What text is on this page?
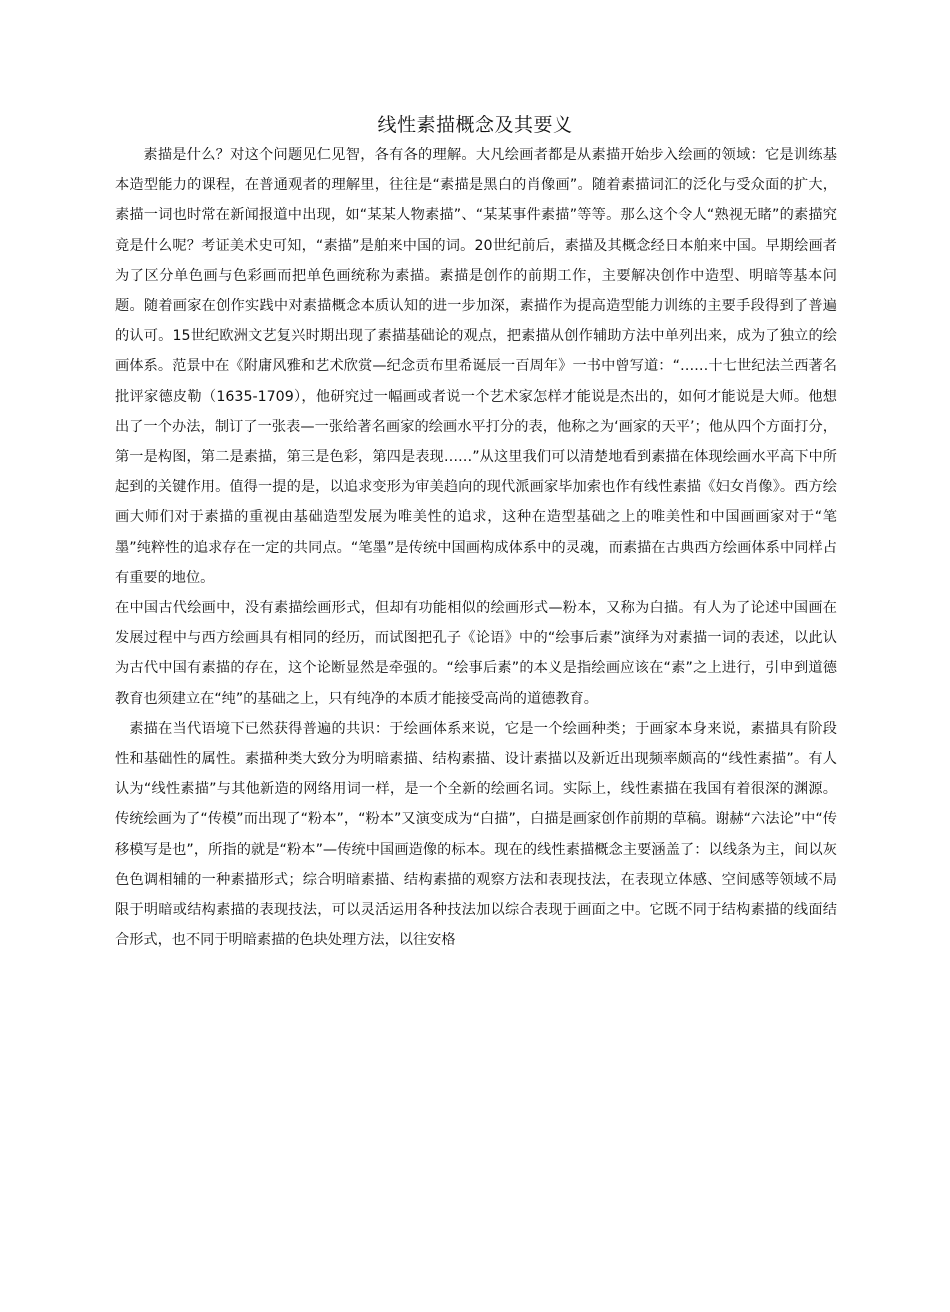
线性素描概念及其要义

素描是什么？对这个问题见仁见智，各有各的理解。大凡绘画者都是从素描开始步入绘画的领域：它是训练基本造型能力的课程，在普通观者的理解里，往往是“素描是黑白的肖像画”。随着素描词汇的泛化与受众面的扩大，素描一词也时常在新闻报道中出现，如“某某人物素描”、“某某事件素描”等等。那么这个令人“熟视无睹”的素描究竟是什么呢？考证美术史可知，“素描”是舶来中国的词。20世纪前后，素描及其概念经日本舶来中国。早期绘画者为了区分单色画与色彩画而把单色画统称为素描。素描是创作的前期工作，主要解决创作中造型、明暗等基本问题。随着画家在创作实践中对素描概念本质认知的进一步加深，素描作为提高造型能力训练的主要手段得到了普遍的认可。15世纪欧洲文艺复兴时期出现了素描基础论的观点，把素描从创作辅助方法中单列出来，成为了独立的绘画体系。范景中在《附庸风雅和艺术欣赏—纪念贡布里希诞辰一百周年》一书中曾写道：“……十七世纪法兰西著名批评家德皮勒（1635-1709），他研究过一幅画或者说一个艺术家怎样才能说是杰出的，如何才能说是大师。他想出了一个办法，制订了一张表—一张给著名画家的绘画水平打分的表，他称之为‘画家的天平’；他从四个方面打分，第一是构图，第二是素描，第三是色彩，第四是表现……”从这里我们可以清楚地看到素描在体现绘画水平高下中所起到的关键作用。值得一提的是，以追求变形为审美趋向的现代派画家毕加索也作有线性素描《妇女肖像》。西方绘画大师们对于素描的重视由基础造型发展为唯美性的追求，这种在造型基础之上的唯美性和中国画画家对于“笔墨”纯粹性的追求存在一定的共同点。“笔墨”是传统中国画构成体系中的灵魂，而素描在古典西方绘画体系中同样占有重要的地位。

在中国古代绘画中，没有素描绘画形式，但却有功能相似的绘画形式—粉本，又称为白描。有人为了论述中国画在发展过程中与西方绘画具有相同的经历，而试图把孔子《论语》中的“绘事后素”演绎为对素描一词的表述，以此认为古代中国有素描的存在，这个论断显然是牵强的。“绘事后素”的本义是指绘画应该在“素”之上进行，引申到道德教育也须建立在“纯”的基础之上，只有纯净的本质才能接受高尚的道德教育。

素描在当代语境下已然获得普遍的共识：于绘画体系来说，它是一个绘画种类；于画家本身来说，素描具有阶段性和基础性的属性。素描种类大致分为明暗素描、结构素描、设计素描以及新近出现频率颇高的“线性素描”。有人认为“线性素描”与其他新造的网络用词一样，是一个全新的绘画名词。实际上，线性素描在我国有着很深的渊源。传统绘画为了“传模”而出现了“粉本”，“粉本”又演变成为“白描”，白描是画家创作前期的草稿。谢赫“六法论”中“传移模写是也”，所指的就是“粉本”—传统中国画造像的标本。现在的线性素描概念主要涵盖了：以线条为主，间以灰色色调相辅的一种素描形式；综合明暗素描、结构素描的观察方法和表现技法，在表现立体感、空间感等领域不局限于明暗或结构素描的表现技法，可以灵活运用各种技法加以综合表现于画面之中。它既不同于结构素描的线面结合形式，也不同于明暗素描的色块处理方法，以往安格
